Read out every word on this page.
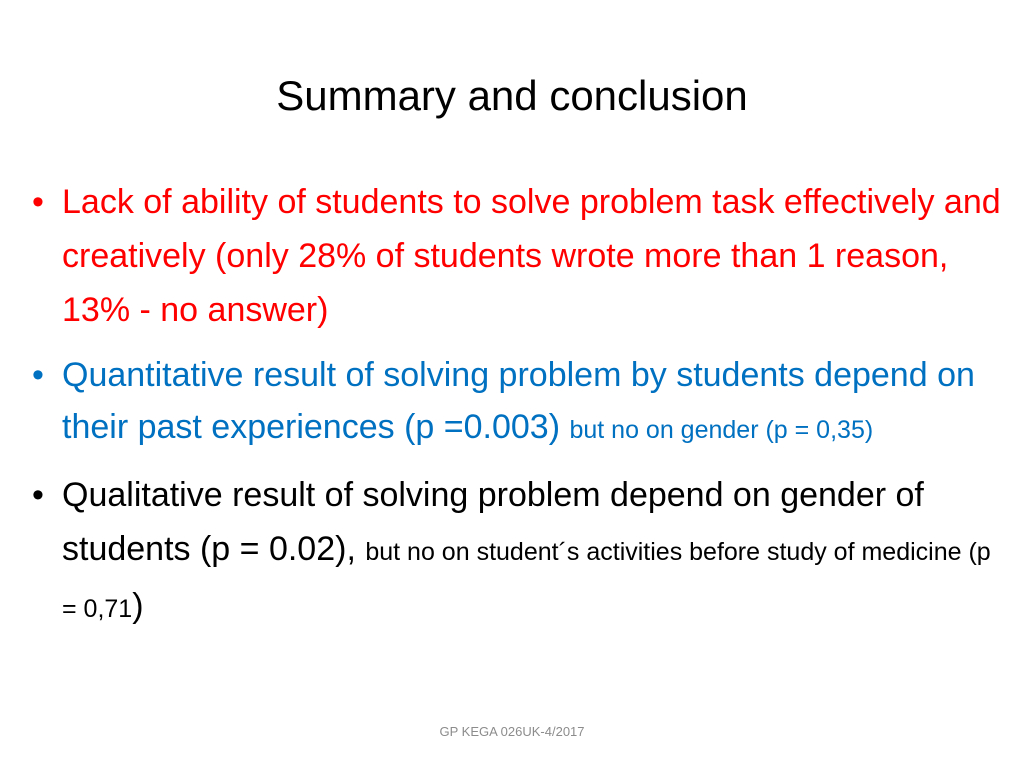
Summary and conclusion
• Lack of ability of students to solve problem task effectively and creatively (only 28% of students wrote more than 1 reason, 13% - no answer)
• Quantitative result of solving problem by students depend on their past experiences (p =0.003) but no on gender (p = 0,35)
• Qualitative result of solving problem depend on gender of students (p = 0.02), but no on student´s activities before study of medicine (p = 0,71)
GP KEGA 026UK-4/2017
